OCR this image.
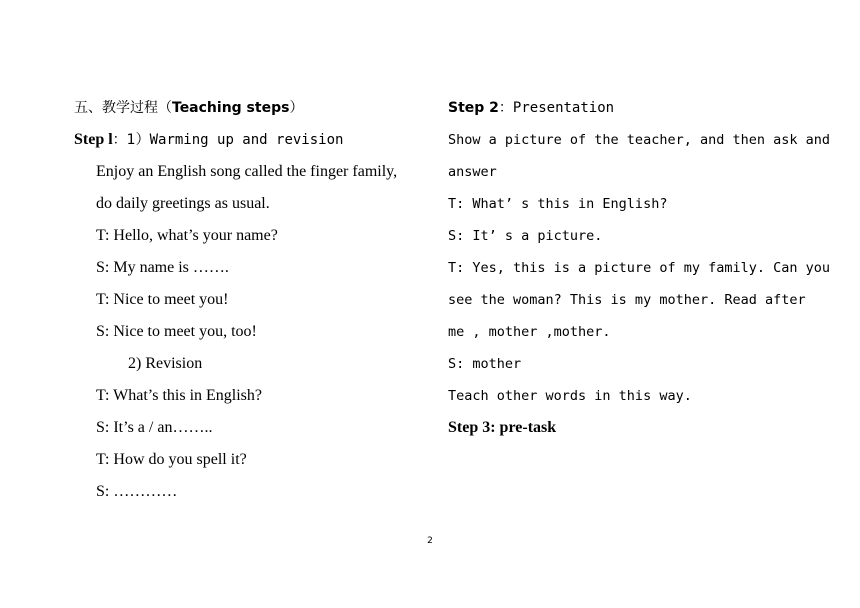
五、教学过程（Teaching steps）
Step l：1）Warming up and revision
Enjoy an English song called the finger family,
do daily greetings as usual.
T: Hello, what’s your name?
S: My name is …….
T: Nice to meet you!
S: Nice to meet you, too!
2) Revision
T: What’s this in English?
S: It’s a / an……..
T: How do you spell it?
S: …………
Step 2：Presentation
Show a picture of the teacher, and then ask and
answer
T: What’ s this in English?
S: It’ s a picture.
T: Yes, this is a picture of my family. Can you
see the woman? This is my mother. Read after
me , mother ,mother.
S: mother
Teach other words in this way.
Step 3: pre-task
2
